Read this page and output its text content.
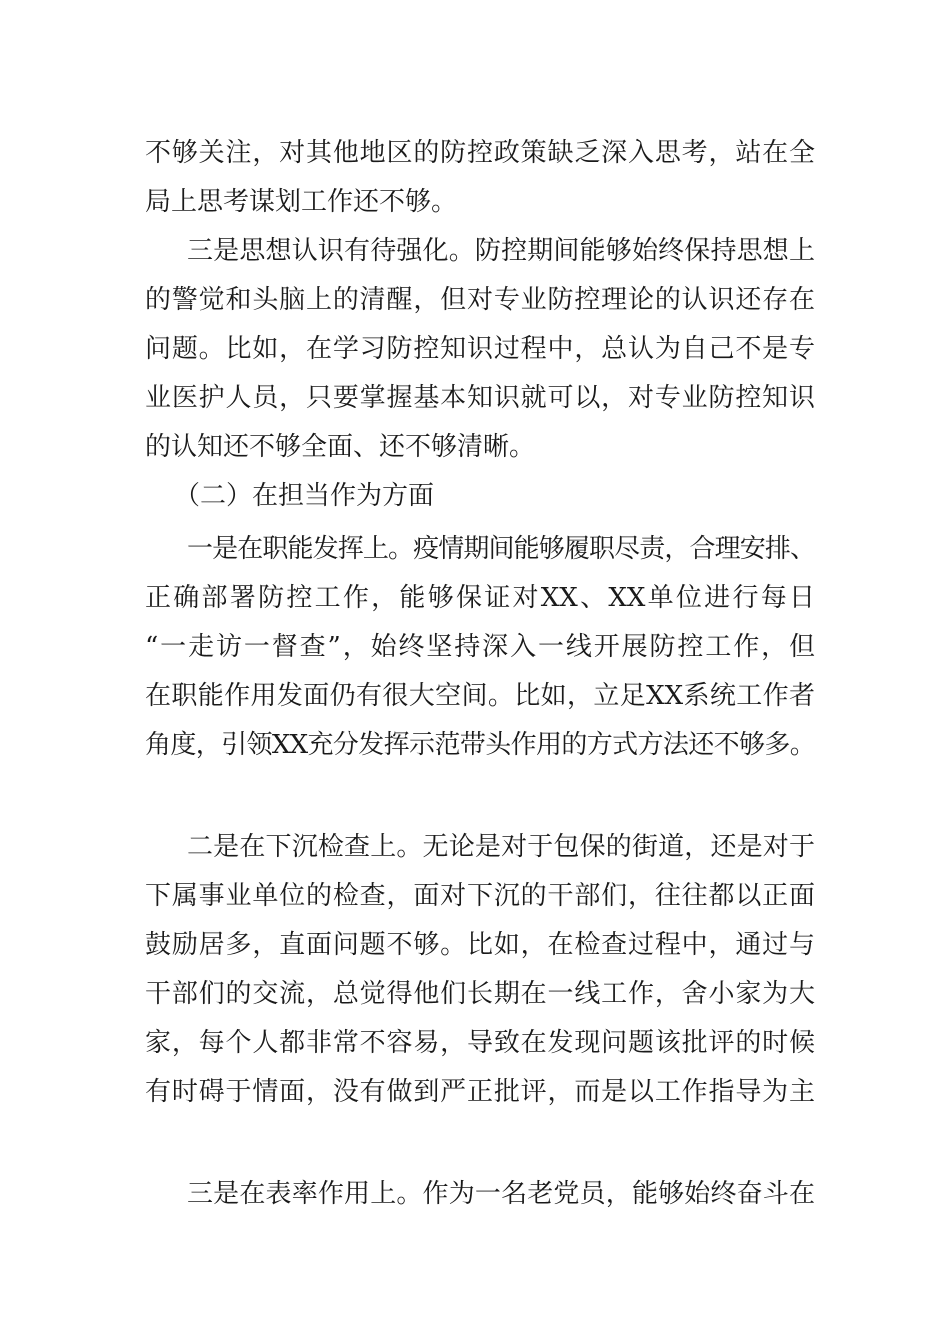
不够关注，对其他地区的防控政策缺乏深入思考，站在全
局上思考谋划工作还不够。
三是思想认识有待强化。防控期间能够始终保持思想上
的警觉和头脑上的清醒，但对专业防控理论的认识还存在
问题。比如，在学习防控知识过程中，总认为自己不是专
业医护人员，只要掌握基本知识就可以，对专业防控知识
的认知还不够全面、还不够清晰。
（二）在担当作为方面
一是在职能发挥上。疫情期间能够履职尽责，合理安排、
正确部署防控工作，能够保证对XX、XX单位进行每日
“一走访一督查”，始终坚持深入一线开展防控工作，但
在职能作用发面仍有很大空间。比如，立足XX系统工作者
角度，引领XX充分发挥示范带头作用的方式方法还不够多。
二是在下沉检查上。无论是对于包保的街道，还是对于
下属事业单位的检查，面对下沉的干部们，往往都以正面
鼓励居多，直面问题不够。比如，在检查过程中，通过与
干部们的交流，总觉得他们长期在一线工作，舍小家为大
家，每个人都非常不容易，导致在发现问题该批评的时候
有时碍于情面，没有做到严正批评，而是以工作指导为主
三是在表率作用上。作为一名老党员，能够始终奋斗在
